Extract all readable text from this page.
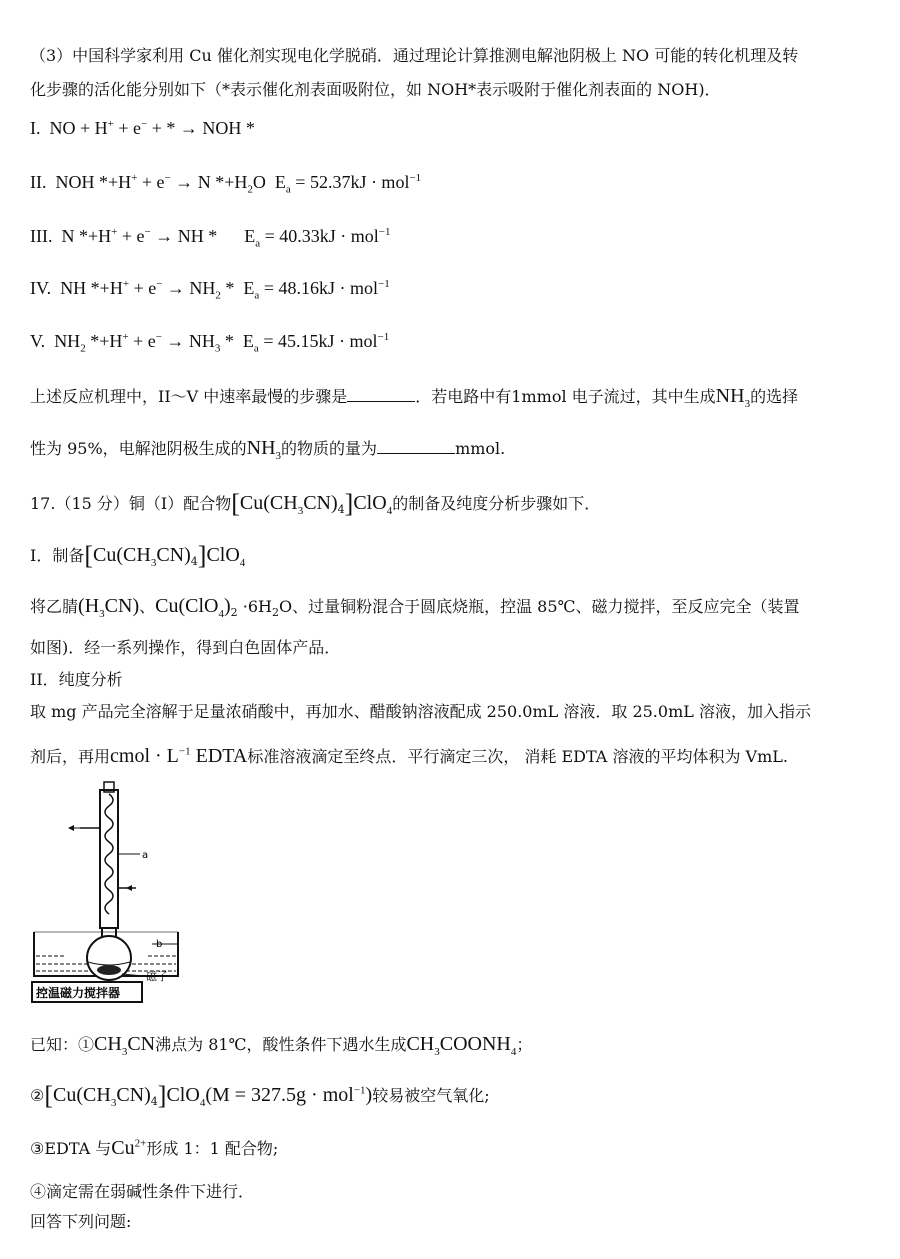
（3）中国科学家利用 Cu 催化剂实现电化学脱硝．通过理论计算推测电解池阴极上 NO 可能的转化机理及转
化步骤的活化能分别如下（*表示催化剂表面吸附位，如 NOH*表示吸附于催化剂表面的 NOH)．
I.  NO + H+ + e− + * → NOH *
II.  NOH *+H+ + e− → N $*+H_2O$  $E_a = 52.37kJ \cdot mol^{-1}$
III.  N *+H+ + e− → NH *      $E_a = 40.33kJ \cdot mol^{-1}$
IV.  NH $*+H^+ + e^- \to NH_2 * E_a = 48.16kJ \cdot mol^{-1}$
V.  $NH_2$ $*+H^+ + e^- \to NH_3 * E_a = 45.15kJ \cdot mol^{-1}$
上述反应机理中，II～V 中速率最慢的步骤是	．若电路中有1mmol 电子流过，其中生成$NH_3$的选择
性为 95%，电解池阴极生成的$NH_3$的物质的量为	mmol.
17.（15 分）铜（I）配合物$[Cu(CH_3CN)_4]ClO_4$的制备及纯度分析步骤如下．
I．制备$[Cu(CH_3CN)_4]ClO_4$
将乙腈$(H_3CN)$、$Cu(ClO_4)_2 \cdot 6H_2O$、过量铜粉混合于圆底烧瓶，控温 85℃、磁力搅拌，至反应完全（装置
如图)．经一系列操作，得到白色固体产品．
II．纯度分析
取 mg 产品完全溶解于足量浓硝酸中，再加水、醋酸钠溶液配成 250.0mL 溶液．取 25.0mL 溶液，加入指示
剂后，再用cmol · $L^{-1}$ EDTA标准溶液滴定至终点．平行滴定三次， 消耗 EDTA 溶液的平均体积为 VmL.
a
b
磁子
控温磁力搅拌器
已知：$①CH_3CN$沸点为 81℃，酸性条件下遇水生成$CH_3COONH_4$；
$②[Cu(CH_3CN)_4]ClO_4(M = 327.5g \cdot mol^{-1})$较易被空气氧化;
③EDTA 与$Cu^{2+}$形成 1：1 配合物;
④滴定需在弱碱性条件下进行．
回答下列问题:
